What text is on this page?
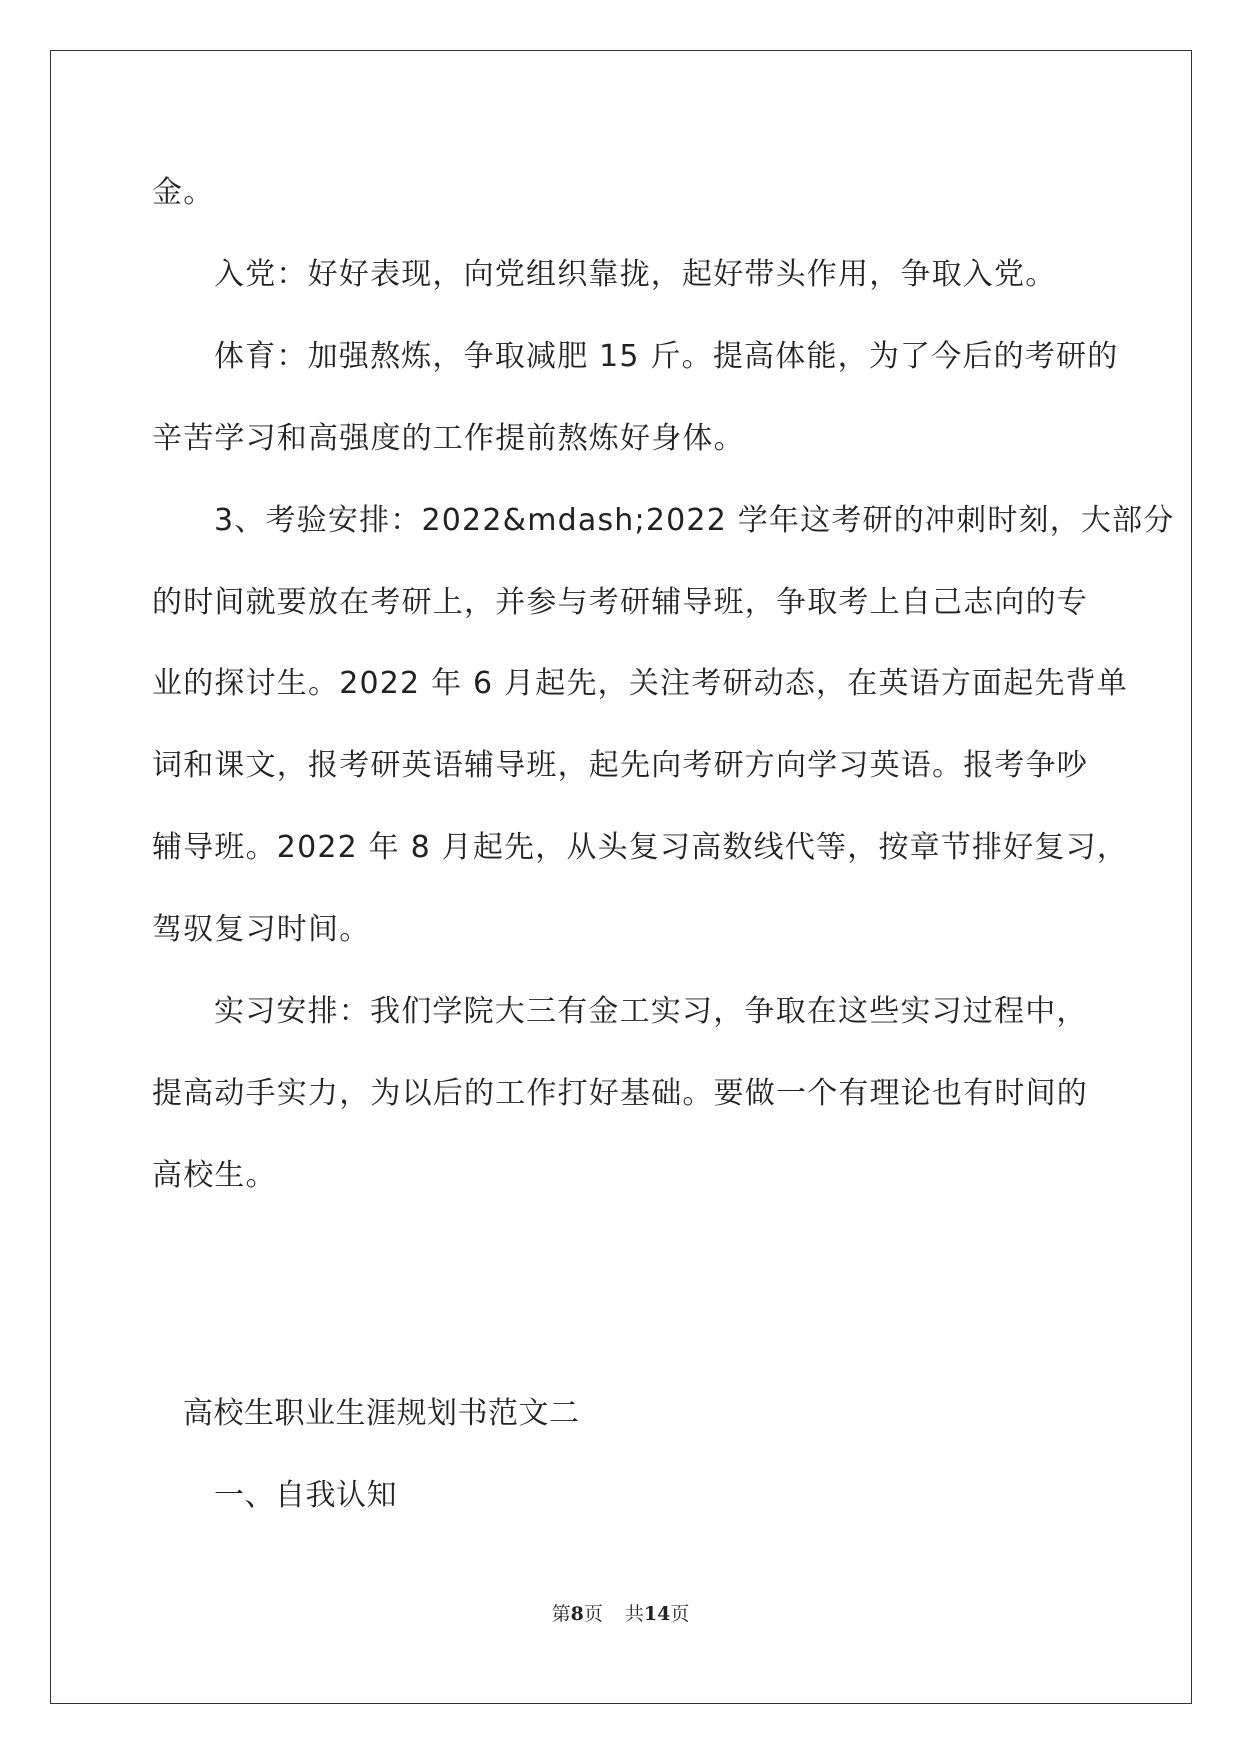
金。
入党：好好表现，向党组织靠拢，起好带头作用，争取入党。
体育：加强熬炼，争取减肥 15 斤。提高体能，为了今后的考研的
辛苦学习和高强度的工作提前熬炼好身体。
3、考验安排：2022&mdash;2022 学年这考研的冲刺时刻，大部分
的时间就要放在考研上，并参与考研辅导班，争取考上自己志向的专
业的探讨生。2022 年 6 月起先，关注考研动态，在英语方面起先背单
词和课文，报考研英语辅导班，起先向考研方向学习英语。报考争吵
辅导班。2022 年 8 月起先，从头复习高数线代等，按章节排好复习，
驾驭复习时间。
实习安排：我们学院大三有金工实习，争取在这些实习过程中，
提高动手实力，为以后的工作打好基础。要做一个有理论也有时间的
高校生。
高校生职业生涯规划书范文二
一、自我认知
第8页 共14页
